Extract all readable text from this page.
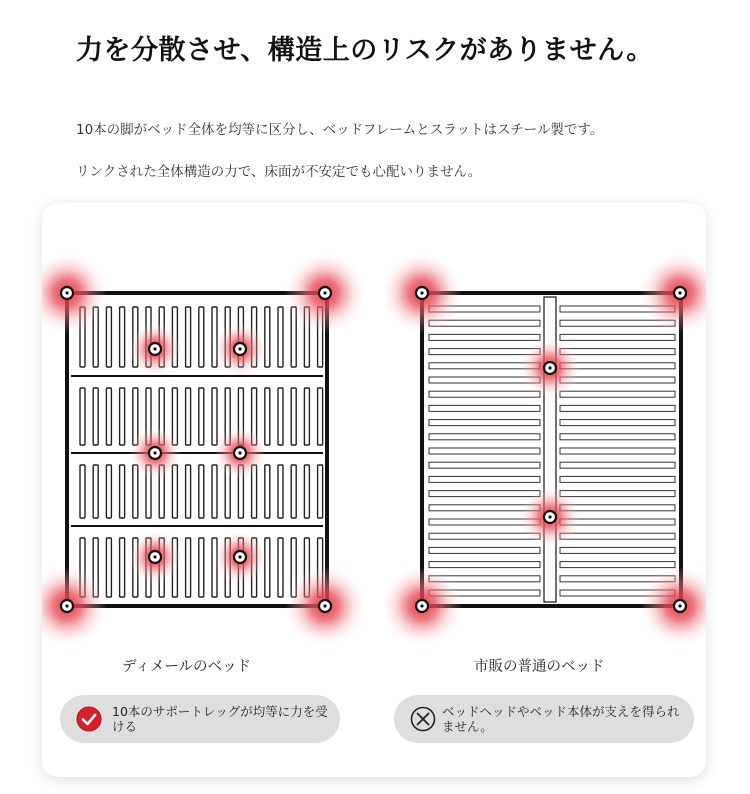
力を分散させ、構造上のリスクがありません。
10本の脚がベッド全体を均等に区分し、ベッドフレームとスラットはスチール製です。
リンクされた全体構造の力で、床面が不安定でも心配いりません。
ディメールのベッド	市販の普通のベッド
10本のサポートレッグが均等に力を受ける
ベッドヘッドやベッド本体が支えを得られません。
